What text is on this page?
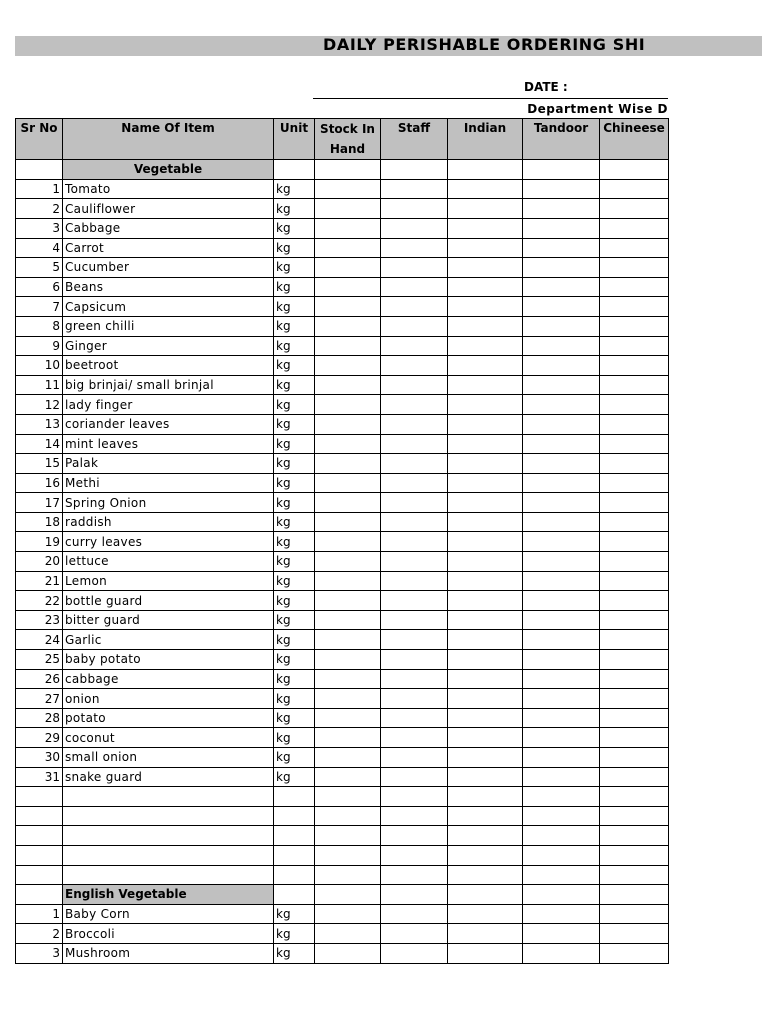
DAILY PERISHABLE ORDERING SHI
DATE :
Department Wise D
Sr No	Name Of Item	Unit	Stock In Hand	Staff	Indian	Tandoor	Chineese
	Vegetable						
1	Tomato	kg					
2	Cauliflower	kg					
3	Cabbage	kg					
4	Carrot	kg					
5	Cucumber	kg					
6	Beans	kg					
7	Capsicum	kg					
8	green chilli	kg					
9	Ginger	kg					
10	beetroot	kg					
11	big brinjai/ small brinjal	kg					
12	lady finger	kg					
13	coriander leaves	kg					
14	mint leaves	kg					
15	Palak	kg					
16	Methi	kg					
17	Spring Onion	kg					
18	raddish	kg					
19	curry leaves	kg					
20	lettuce	kg					
21	Lemon	kg					
22	bottle guard	kg					
23	bitter guard	kg					
24	Garlic	kg					
25	baby potato	kg					
26	cabbage	kg					
27	onion	kg					
28	potato	kg					
29	coconut	kg					
30	small onion	kg					
31	snake guard	kg					

	English Vegetable						
1	Baby Corn	kg					
2	Broccoli	kg					
3	Mushroom	kg					
